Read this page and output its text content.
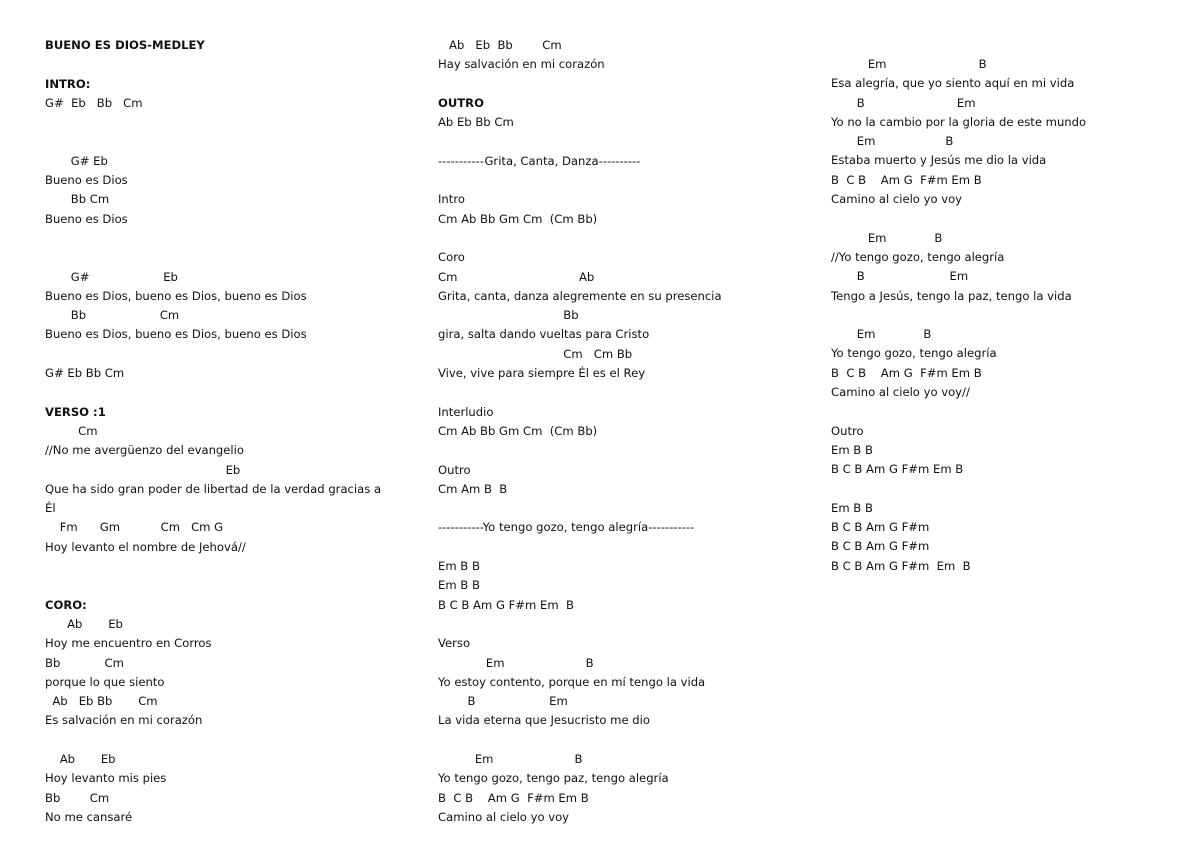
BUENO ES DIOS-MEDLEY
INTRO:
G#  Eb   Bb   Cm
G# Eb
Bueno es Dios
Bb Cm
Bueno es Dios
G#                    Eb
Bueno es Dios, bueno es Dios, bueno es Dios
Bb                    Cm
Bueno es Dios, bueno es Dios, bueno es Dios
G# Eb Bb Cm
VERSO :1
Cm
//No me avergüenzo del evangelio
Eb
Que ha sido gran poder de libertad de la verdad gracias a
Él
Fm      Gm           Cm   Cm G
Hoy levanto el nombre de Jehová//
CORO:
Ab       Eb
Hoy me encuentro en Corros
Bb            Cm
porque lo que siento
Ab   Eb Bb       Cm
Es salvación en mi corazón
Ab       Eb
Hoy levanto mis pies
Bb        Cm
No me cansaré
Ab   Eb  Bb        Cm
Hay salvación en mi corazón
OUTRO
Ab Eb Bb Cm
-----------Grita, Canta, Danza----------
Intro
Cm Ab Bb Gm Cm  (Cm Bb)
Coro
Cm                                 Ab
Grita, canta, danza alegremente en su presencia
Bb
gira, salta dando vueltas para Cristo
Cm   Cm Bb
Vive, vive para siempre Él es el Rey
Interludio
Cm Ab Bb Gm Cm  (Cm Bb)
Outro
Cm Am B  B
-----------Yo tengo gozo, tengo alegría-----------
Em B B
Em B B
B C B Am G F#m Em  B
Verso
Em                      B
Yo estoy contento, porque en mí tengo la vida
B                    Em
La vida eterna que Jesucristo me dio
Em                      B
Yo tengo gozo, tengo paz, tengo alegría
B  C B    Am G  F#m Em B
Camino al cielo yo voy
Em                         B
Esa alegría, que yo siento aquí en mi vida
B                         Em
Yo no la cambio por la gloria de este mundo
Em                   B
Estaba muerto y Jesús me dio la vida
B  C B    Am G  F#m Em B
Camino al cielo yo voy
Em             B
//Yo tengo gozo, tengo alegría
B                       Em
Tengo a Jesús, tengo la paz, tengo la vida
Em             B
Yo tengo gozo, tengo alegría
B  C B    Am G  F#m Em B
Camino al cielo yo voy//
Outro
Em B B
B C B Am G F#m Em B
Em B B
B C B Am G F#m
B C B Am G F#m
B C B Am G F#m  Em  B
